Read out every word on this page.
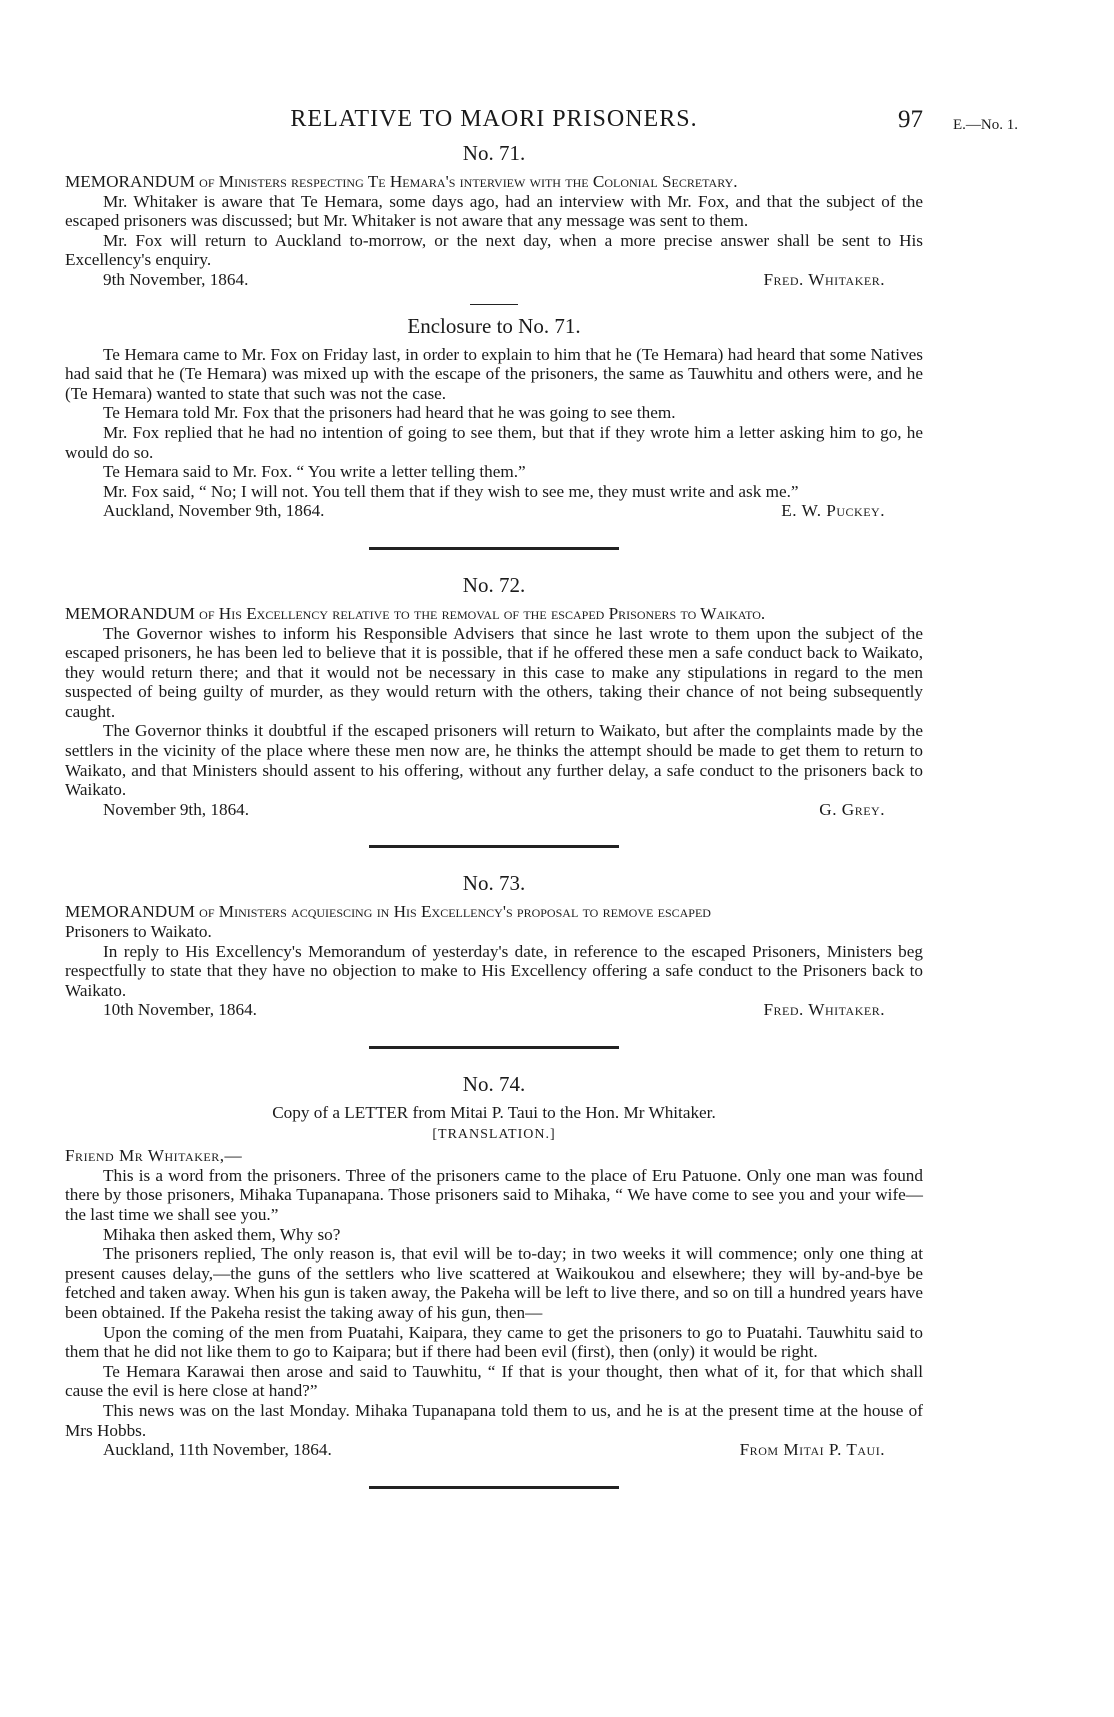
RELATIVE TO MAORI PRISONERS.	97 E.—No. 1.
No. 71.
MEMORANDUM of Ministers respecting Te Hemara's interview with the Colonial Secretary.

Mr. Whitaker is aware that Te Hemara, some days ago, had an interview with Mr. Fox, and that the subject of the escaped prisoners was discussed; but Mr. Whitaker is not aware that any message was sent to them.

Mr. Fox will return to Auckland to-morrow, or the next day, when a more precise answer shall be sent to His Excellency's enquiry.

9th November, 1864.	Fred. Whitaker.
Enclosure to No. 71.

Te Hemara came to Mr. Fox on Friday last, in order to explain to him that he (Te Hemara) had heard that some Natives had said that he (Te Hemara) was mixed up with the escape of the prisoners, the same as Tauwhitu and others were, and he (Te Hemara) wanted to state that such was not the case.

Te Hemara told Mr. Fox that the prisoners had heard that he was going to see them.

Mr. Fox replied that he had no intention of going to see them, but that if they wrote him a letter asking him to go, he would do so.

Te Hemara said to Mr. Fox. “ You write a letter telling them.”

Mr. Fox said, “ No; I will not. You tell them that if they wish to see me, they must write and ask me.”

Auckland, November 9th, 1864.	E. W. Puckey.
No. 72.
MEMORANDUM of His Excellency relative to the removal of the escaped Prisoners to Waikato.

The Governor wishes to inform his Responsible Advisers that since he last wrote to them upon the subject of the escaped prisoners, he has been led to believe that it is possible, that if he offered these men a safe conduct back to Waikato, they would return there; and that it would not be necessary in this case to make any stipulations in regard to the men suspected of being guilty of murder, as they would return with the others, taking their chance of not being subsequently caught.

The Governor thinks it doubtful if the escaped prisoners will return to Waikato, but after the complaints made by the settlers in the vicinity of the place where these men now are, he thinks the attempt should be made to get them to return to Waikato, and that Ministers should assent to his offering, without any further delay, a safe conduct to the prisoners back to Waikato.

November 9th, 1864.	G. Grey.
No. 73.
MEMORANDUM of Ministers acquiescing in His Excellency's proposal to remove escaped
Prisoners to Waikato.

In reply to His Excellency's Memorandum of yesterday's date, in reference to the escaped Prisoners, Ministers beg respectfully to state that they have no objection to make to His Excellency offering a safe conduct to the Prisoners back to Waikato.

10th November, 1864.	Fred. Whitaker.
No. 74.
Copy of a LETTER from Mitai P. Taui to the Hon. Mr Whitaker.
[TRANSLATION.]
Friend Mr Whitaker,—

This is a word from the prisoners. Three of the prisoners came to the place of Eru Patuone. Only one man was found there by those prisoners, Mihaka Tupanapana. Those prisoners said to Mihaka, “ We have come to see you and your wife—the last time we shall see you.”

Mihaka then asked them, Why so?

The prisoners replied, The only reason is, that evil will be to-day; in two weeks it will commence; only one thing at present causes delay,—the guns of the settlers who live scattered at Waikoukou and elsewhere; they will by-and-bye be fetched and taken away. When his gun is taken away, the Pakeha will be left to live there, and so on till a hundred years have been obtained. If the Pakeha resist the taking away of his gun, then—

Upon the coming of the men from Puatahi, Kaipara, they came to get the prisoners to go to Puatahi. Tauwhitu said to them that he did not like them to go to Kaipara; but if there had been evil (first), then (only) it would be right.

Te Hemara Karawai then arose and said to Tauwhitu, “ If that is your thought, then what of it, for that which shall cause the evil is here close at hand?”

This news was on the last Monday. Mihaka Tupanapana told them to us, and he is at the present time at the house of Mrs Hobbs.

Auckland, 11th November, 1864.	From Mitai P. Taui.
